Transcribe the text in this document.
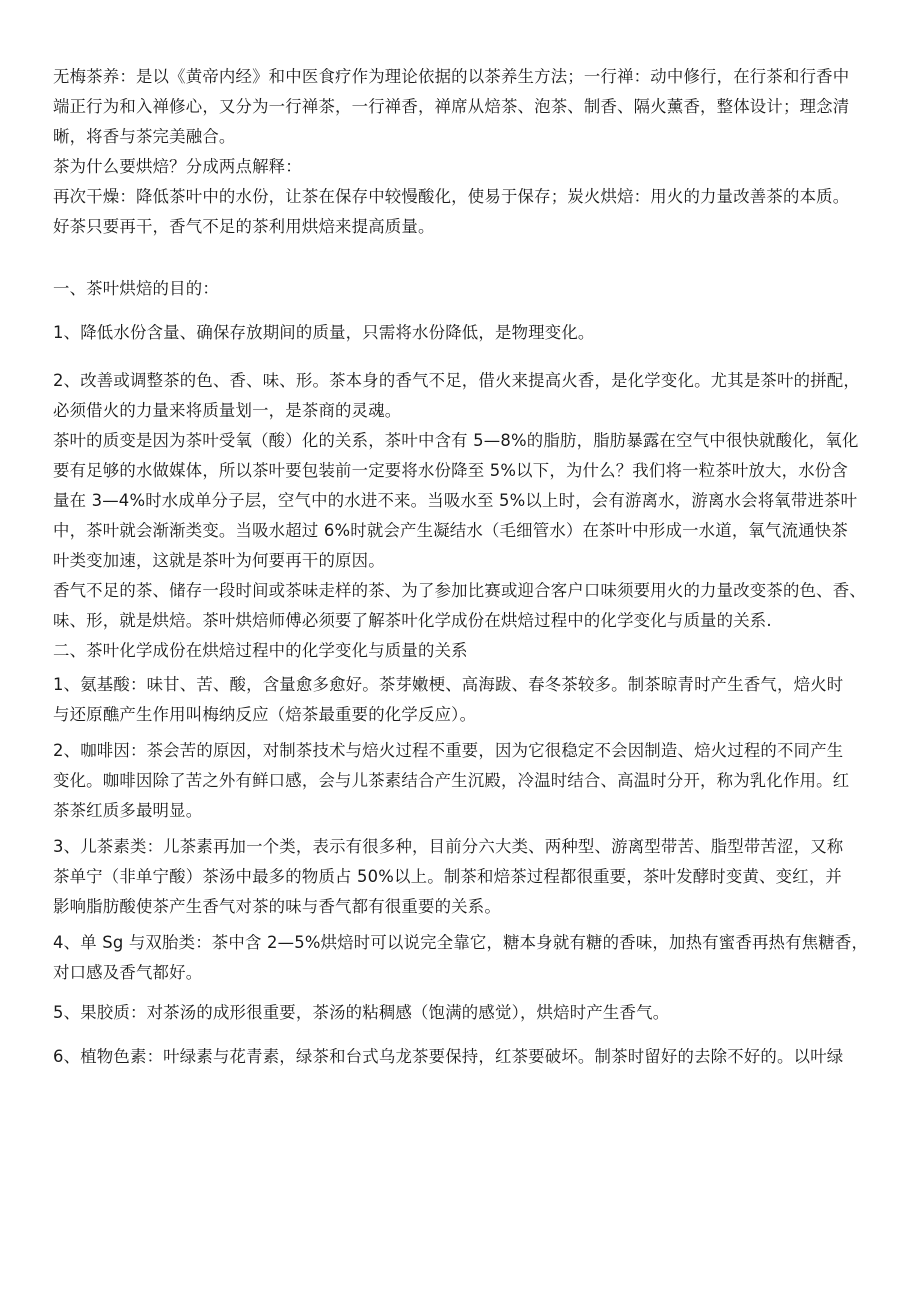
无梅茶养：是以《黄帝内经》和中医食疗作为理论依据的以茶养生方法；一行禅：动中修行，在行茶和行香中
端正行为和入禅修心，又分为一行禅茶，一行禅香，禅席从焙茶、泡茶、制香、隔火薰香，整体设计；理念清
晰，将香与茶完美融合。
茶为什么要烘焙？分成两点解释：
再次干燥：降低茶叶中的水份，让茶在保存中较慢酸化，使易于保存；炭火烘焙：用火的力量改善茶的本质。
好茶只要再干，香气不足的茶利用烘焙来提高质量。
一、茶叶烘焙的目的：
1、降低水份含量、确保存放期间的质量，只需将水份降低，是物理变化。
2、改善或调整茶的色、香、味、形。茶本身的香气不足，借火来提高火香，是化学变化。尤其是茶叶的拼配，
必须借火的力量来将质量划一，是茶商的灵魂。
茶叶的质变是因为茶叶受氧（酸）化的关系，茶叶中含有 5—8%的脂肪，脂肪暴露在空气中很快就酸化，氧化
要有足够的水做媒体，所以茶叶要包装前一定要将水份降至 5%以下，为什么？我们将一粒茶叶放大，水份含
量在 3—4%时水成单分子层，空气中的水进不来。当吸水至 5%以上时，会有游离水，游离水会将氧带进茶叶
中，茶叶就会渐渐类变。当吸水超过 6%时就会产生凝结水（毛细管水）在茶叶中形成一水道，氧气流通快茶
叶类变加速，这就是茶叶为何要再干的原因。
香气不足的茶、储存一段时间或茶味走样的茶、为了参加比赛或迎合客户口味须要用火的力量改变茶的色、香、
味、形，就是烘焙。茶叶烘焙师傅必须要了解茶叶化学成份在烘焙过程中的化学变化与质量的关系.
二、茶叶化学成份在烘焙过程中的化学变化与质量的关系
1、氨基酸：味甘、苦、酸，含量愈多愈好。茶芽嫩梗、高海跋、春冬茶较多。制茶晾青时产生香气，焙火时
与还原醮产生作用叫梅纳反应（焙茶最重要的化学反应）。
2、咖啡因：茶会苦的原因，对制茶技术与焙火过程不重要，因为它很稳定不会因制造、焙火过程的不同产生
变化。咖啡因除了苦之外有鲜口感，会与儿茶素结合产生沉殿，冷温时结合、高温时分开，称为乳化作用。红
茶茶红质多最明显。
3、儿茶素类：儿茶素再加一个类，表示有很多种，目前分六大类、两种型、游离型带苦、脂型带苦涩，又称
茶单宁（非单宁酸）茶汤中最多的物质占 50%以上。制茶和焙茶过程都很重要，茶叶发酵时变黄、变红，并
影响脂肪酸使茶产生香气对茶的味与香气都有很重要的关系。
4、单 Sg 与双胎类：茶中含 2—5%烘焙时可以说完全靠它，糖本身就有糖的香味，加热有蜜香再热有焦糖香，
对口感及香气都好。
5、果胶质：对茶汤的成形很重要，茶汤的粘稠感（饱满的感觉），烘焙时产生香气。
6、植物色素：叶绿素与花青素，绿茶和台式乌龙茶要保持，红茶要破坏。制茶时留好的去除不好的。以叶绿
